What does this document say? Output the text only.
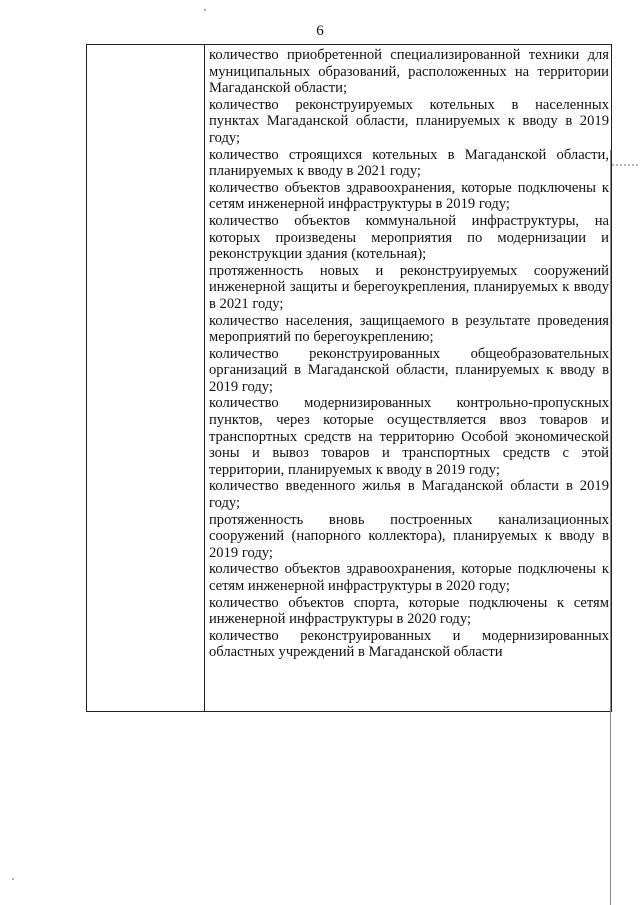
6

количество приобретенной специализированной техники для муниципальных образований, расположенных на территории Магаданской области;

количество реконструируемых котельных в населенных пунктах Магаданской области, планируемых к вводу в 2019 году;

количество строящихся котельных в Магаданской области, планируемых к вводу в 2021 году;

количество объектов здравоохранения, которые подключены к сетям инженерной инфраструктуры в 2019 году;

количество объектов коммунальной инфраструктуры, на которых произведены мероприятия по модернизации и реконструкции здания (котельная);

протяженность новых и реконструируемых сооружений инженерной защиты и берегоукрепления, планируемых к вводу в 2021 году;

количество населения, защищаемого в результате проведения мероприятий по берегоукреплению;

количество реконструированных общеобразовательных организаций в Магаданской области, планируемых к вводу в 2019 году;

количество модернизированных контрольно-пропускных пунктов, через которые осуществляется ввоз товаров и транспортных средств на территорию Особой экономической зоны и вывоз товаров и транспортных средств с этой территории, планируемых к вводу в 2019 году;

количество введенного жилья в Магаданской области в 2019 году;

протяженность вновь построенных канализационных сооружений (напорного коллектора), планируемых к вводу в 2019 году;

количество объектов здравоохранения, которые подключены к сетям инженерной инфраструктуры в 2020 году;

количество объектов спорта, которые подключены к сетям инженерной инфраструктуры в 2020 году;

количество реконструированных и модернизированных областных учреждений в Магаданской области
